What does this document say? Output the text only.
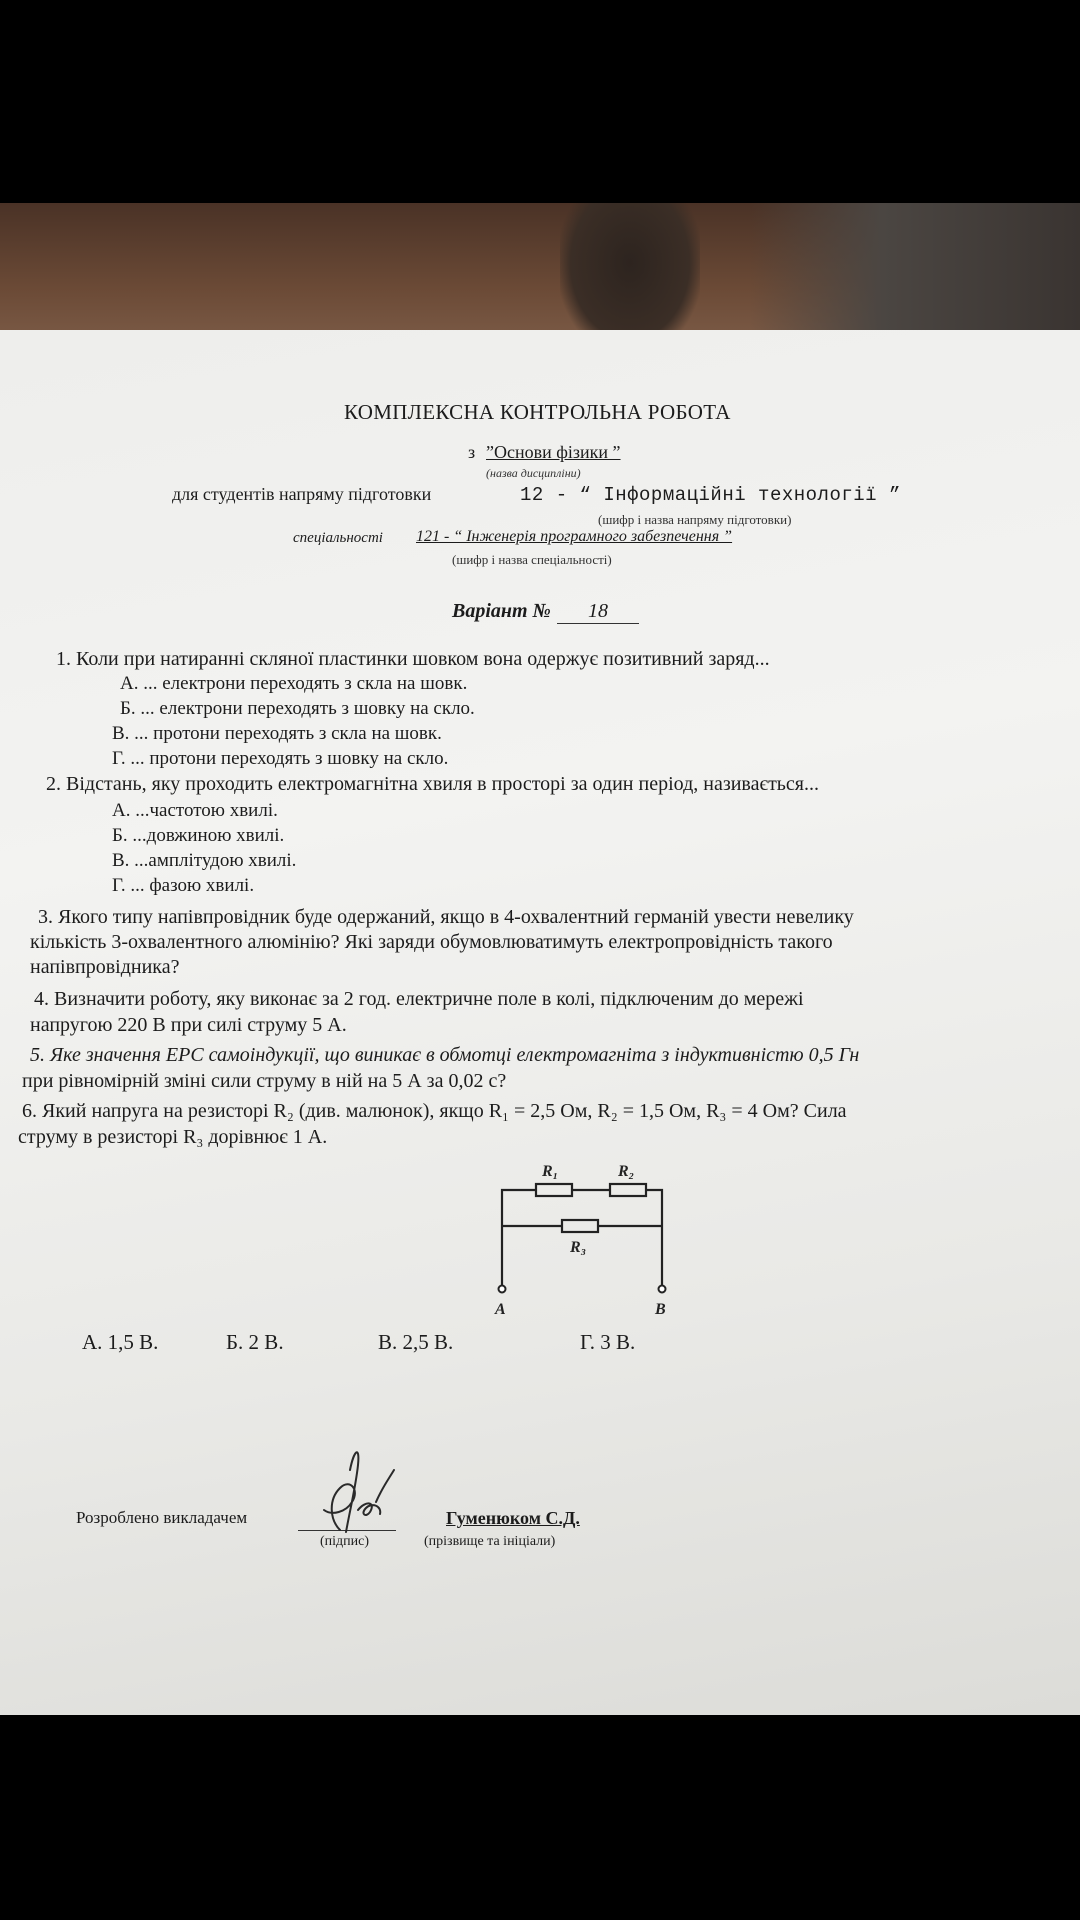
КОМПЛЕКСНА КОНТРОЛЬНА РОБОТА
з ”Основи фізики ”
(назва дисципліни)
для студентів напряму підготовки	12 - “ Інформаційні технології ”
(шифр і назва напряму підготовки)
спеціальності 121 - “ Інженерія програмного забезпечення ”
(шифр і назва спеціальності)
Варіант №	18
1. Коли при натиранні скляної пластинки шовком вона одержує позитивний заряд...
А. ... електрони переходять з скла на шовк.
Б. ... електрони переходять з шовку на скло.
В. ... протони переходять з скла на шовк.
Г. ... протони переходять з шовку на скло.
2. Відстань, яку проходить електромагнітна хвиля в просторі за один період, називається...
А. ...частотою хвилі.
Б. ...довжиною хвилі.
В. ...амплітудою хвилі.
Г. ... фазою хвилі.
3. Якого типу напівпровідник буде одержаний, якщо в 4-охвалентний германій увести невелику
кількість 3-охвалентного алюмінію? Які заряди обумовлюватимуть електропровідність такого
напівпровідника?
4. Визначити роботу, яку виконає за 2 год. електричне поле в колі, підключеним до мережі
напругою 220 В при силі струму 5 А.
5. Яке значення ЕРС самоіндукції, що виникає в обмотці електромагніта з індуктивністю 0,5 Гн
при рівномірній зміні сили струму в ній на 5 А за 0,02 с?
6. Який напруга на резисторі R₂ (див. малюнок), якщо R₁ = 2,5 Ом, R₂ = 1,5 Ом, R₃ = 4 Ом? Сила
струму в резисторі R₃ дорівнює 1 А.
R₁	R₂
R₃
A	B
А. 1,5 В.	Б. 2 В.	В. 2,5 В.	Г. 3 В.
Розроблено викладачем
(підпис)
Гуменюком С.Д.
(прізвище та ініціали)
